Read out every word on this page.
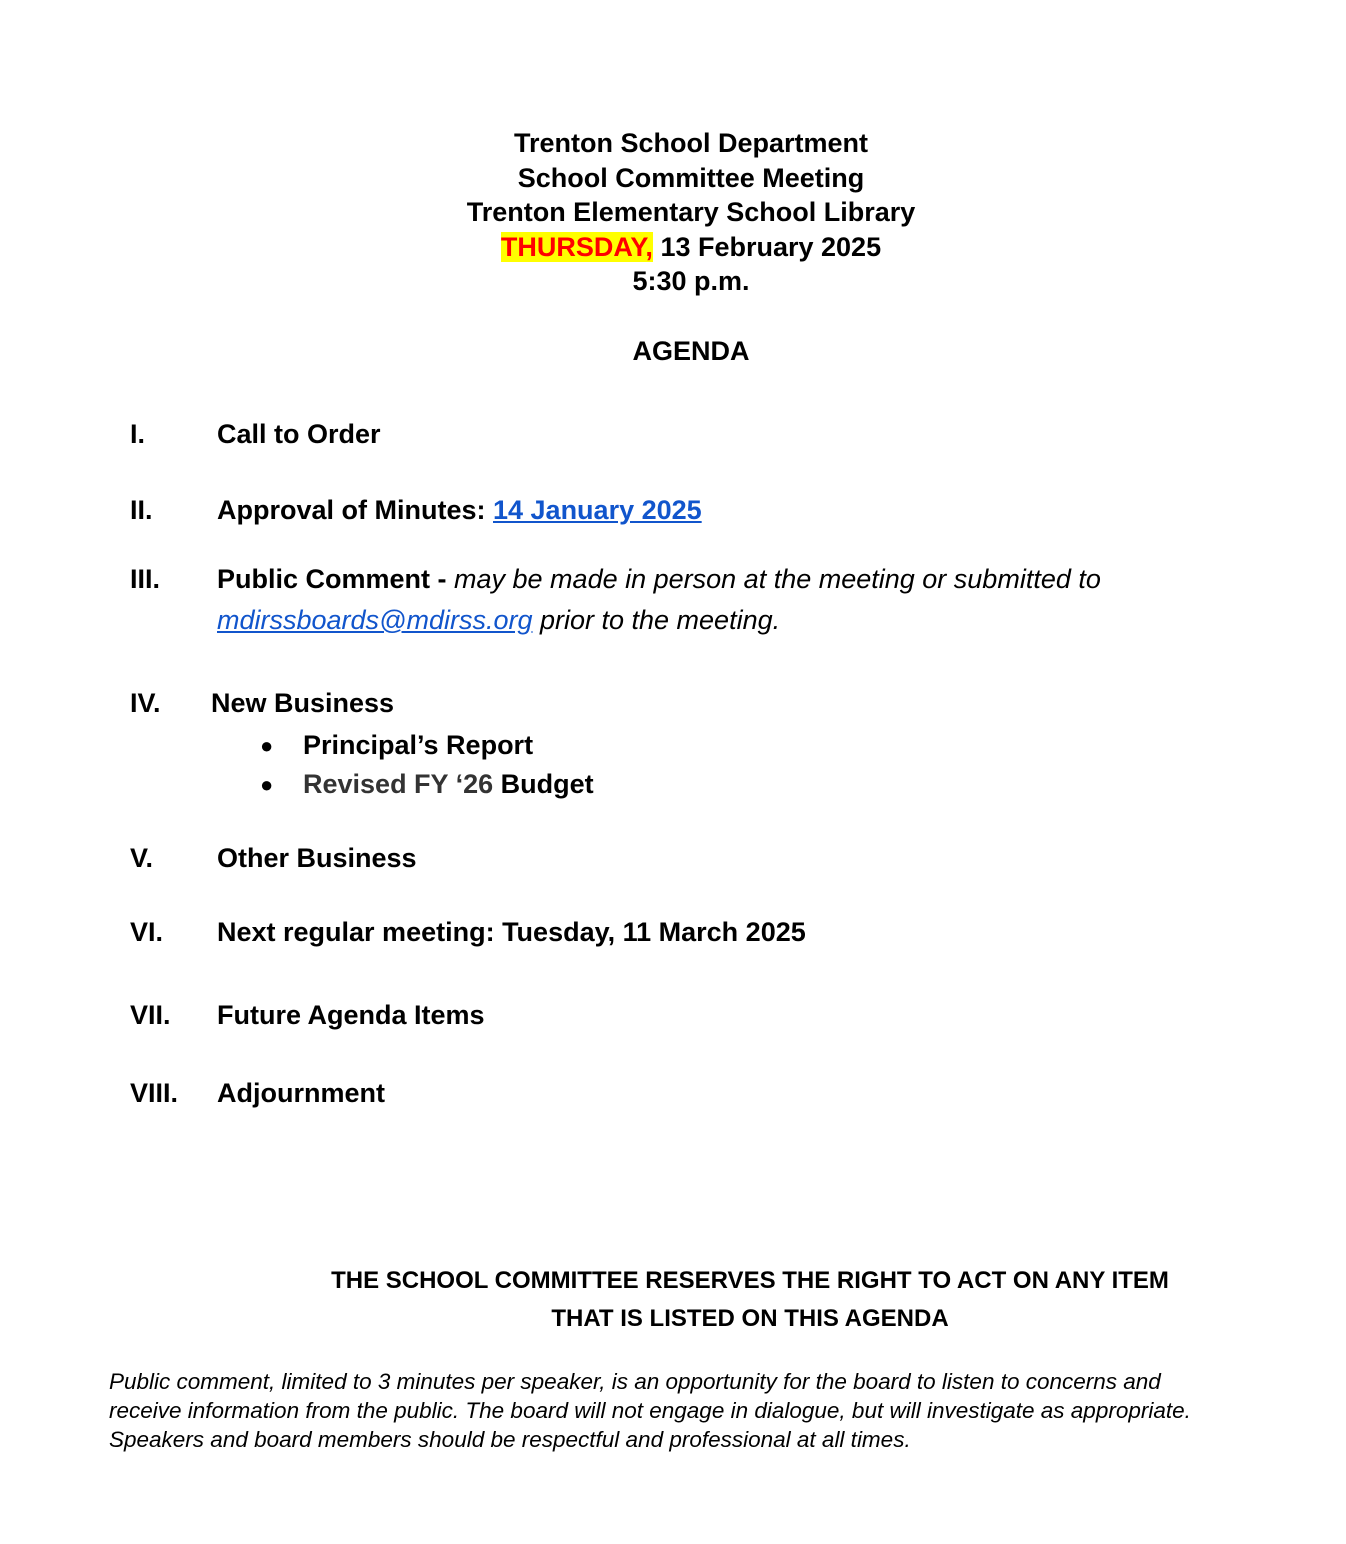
Trenton School Department
School Committee Meeting
Trenton Elementary School Library
THURSDAY, 13 February 2025
5:30 p.m.
AGENDA
I.	Call to Order
II. Approval of Minutes: 14 January 2025
III. Public Comment - may be made in person at the meeting or submitted to
mdirssboards@mdirss.org prior to the meeting.
IV. New Business
● Principal’s Report
● Revised FY ‘26 Budget
V. Other Business
VI. Next regular meeting: Tuesday, 11 March 2025
VII. Future Agenda Items
VIII. Adjournment
THE SCHOOL COMMITTEE RESERVES THE RIGHT TO ACT ON ANY ITEM
THAT IS LISTED ON THIS AGENDA
Public comment, limited to 3 minutes per speaker, is an opportunity for the board to listen to concerns and
receive information from the public. The board will not engage in dialogue, but will investigate as appropriate.
Speakers and board members should be respectful and professional at all times.
